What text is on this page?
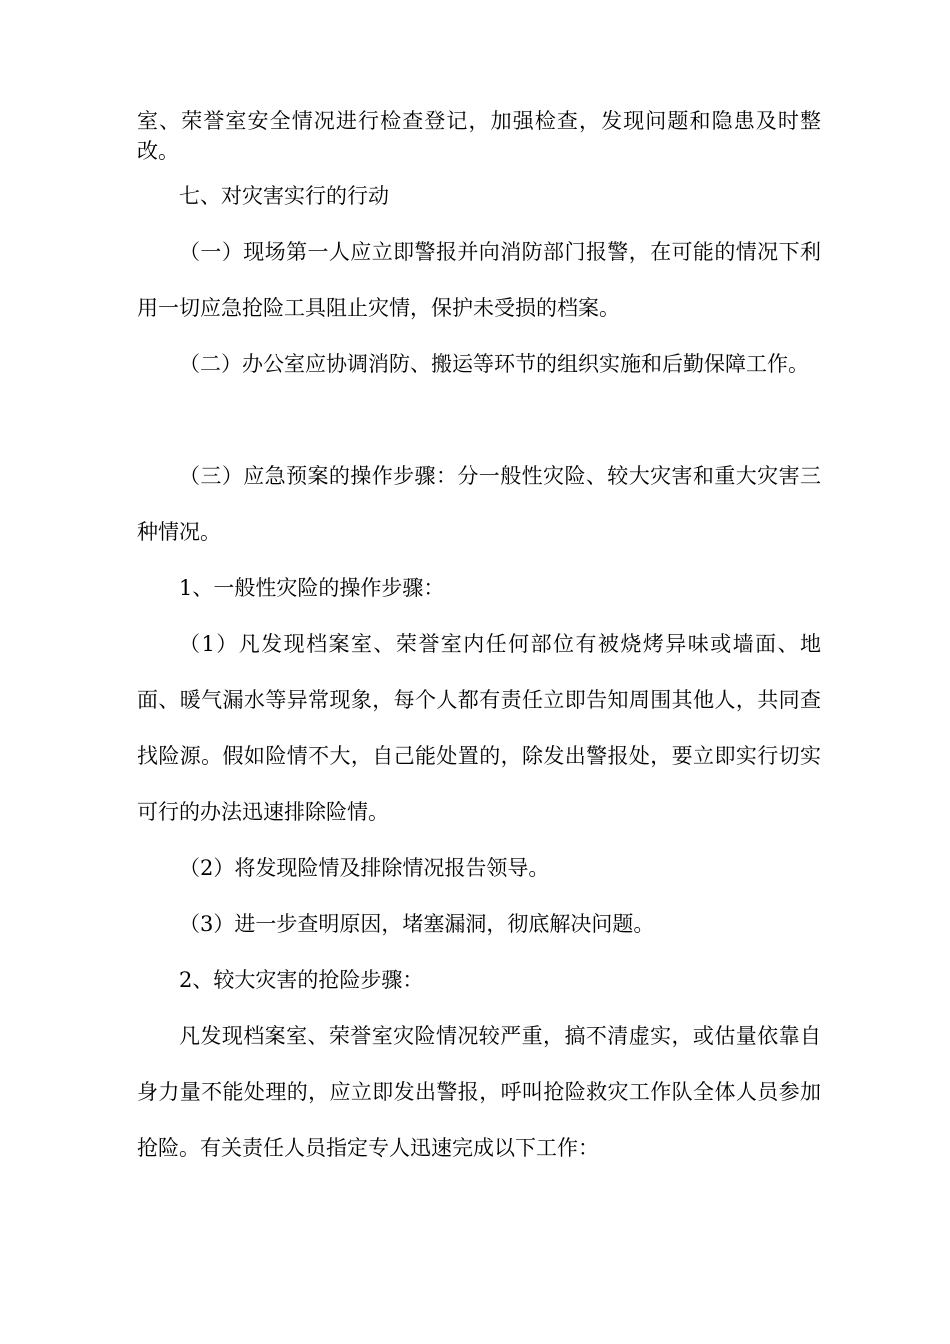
室、荣誉室安全情况进行检查登记，加强检查，发现问题和隐患及时整改。

七、对灾害实行的行动

（一）现场第一人应立即警报并向消防部门报警，在可能的情况下利用一切应急抢险工具阻止灾情，保护未受损的档案。

（二）办公室应协调消防、搬运等环节的组织实施和后勤保障工作。

（三）应急预案的操作步骤：分一般性灾险、较大灾害和重大灾害三种情况。

1、一般性灾险的操作步骤：

（1）凡发现档案室、荣誉室内任何部位有被烧烤异味或墙面、地面、暖气漏水等异常现象，每个人都有责任立即告知周围其他人，共同查找险源。假如险情不大，自己能处置的，除发出警报处，要立即实行切实可行的办法迅速排除险情。

（2）将发现险情及排除情况报告领导。

（3）进一步查明原因，堵塞漏洞，彻底解决问题。

2、较大灾害的抢险步骤：

凡发现档案室、荣誉室灾险情况较严重，搞不清虚实，或估量依靠自身力量不能处理的，应立即发出警报，呼叫抢险救灾工作队全体人员参加抢险。有关责任人员指定专人迅速完成以下工作：
